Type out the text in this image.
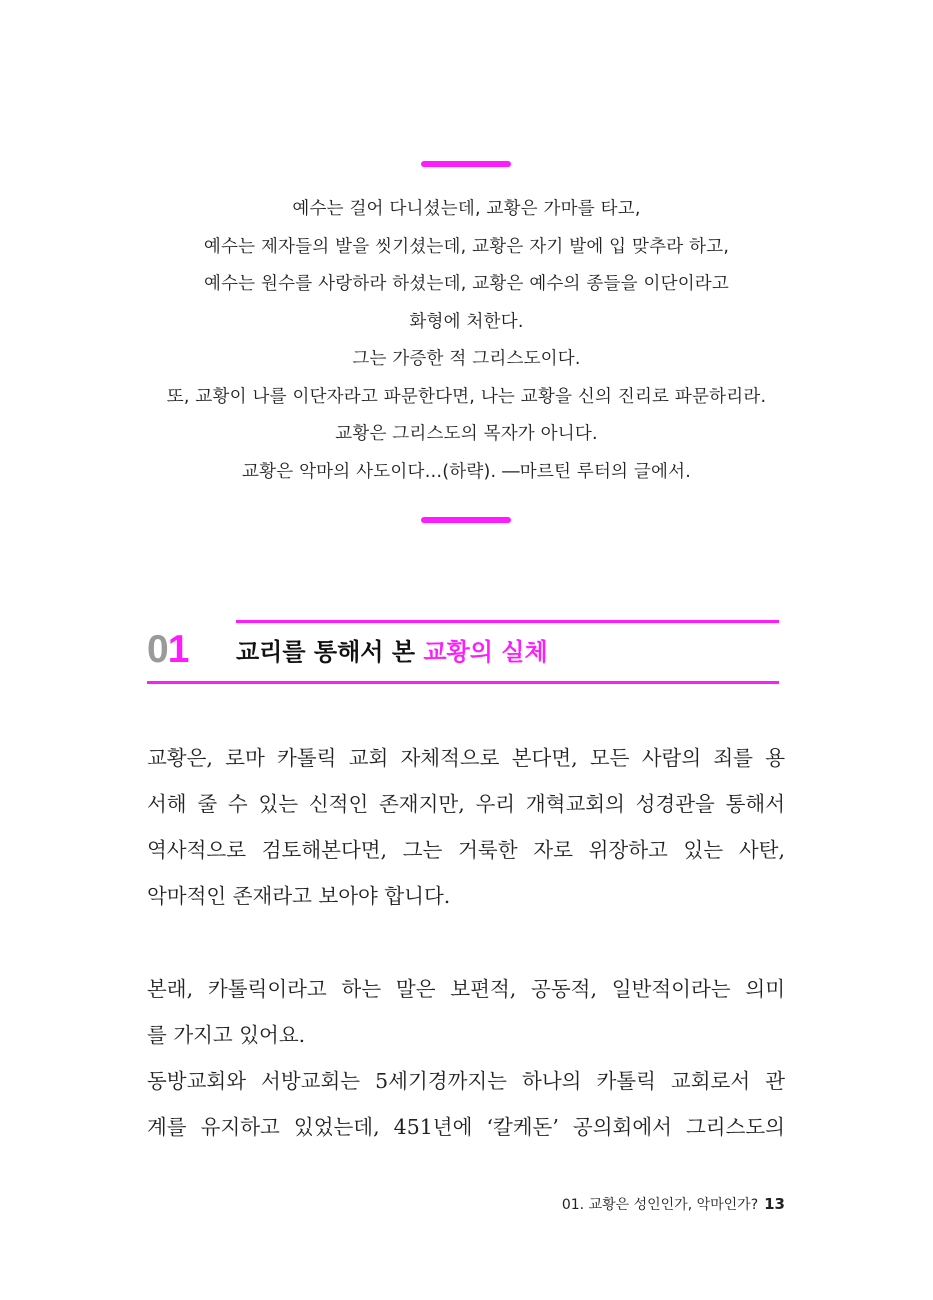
예수는 걸어 다니셨는데, 교황은 가마를 타고,
예수는 제자들의 발을 씻기셨는데, 교황은 자기 발에 입 맞추라 하고,
예수는 원수를 사랑하라 하셨는데, 교황은 예수의 종들을 이단이라고
화형에 처한다.
그는 가증한 적 그리스도이다.
또, 교황이 나를 이단자라고 파문한다면, 나는 교황을 신의 진리로 파문하리라.
교황은 그리스도의 목자가 아니다.
교황은 악마의 사도이다…(하략). ―마르틴 루터의 글에서.
01 교리를 통해서 본 교황의 실체
교황은, 로마 카톨릭 교회 자체적으로 본다면, 모든 사람의 죄를 용
서해 줄 수 있는 신적인 존재지만, 우리 개혁교회의 성경관을 통해서
역사적으로 검토해본다면, 그는 거룩한 자로 위장하고 있는 사탄,
악마적인 존재라고 보아야 합니다.
본래, 카톨릭이라고 하는 말은 보편적, 공동적, 일반적이라는 의미
를 가지고 있어요.
동방교회와 서방교회는 5세기경까지는 하나의 카톨릭 교회로서 관
계를 유지하고 있었는데, 451년에 ‘칼케돈’ 공의회에서 그리스도의
01. 교황은 성인인가, 악마인가? 13
